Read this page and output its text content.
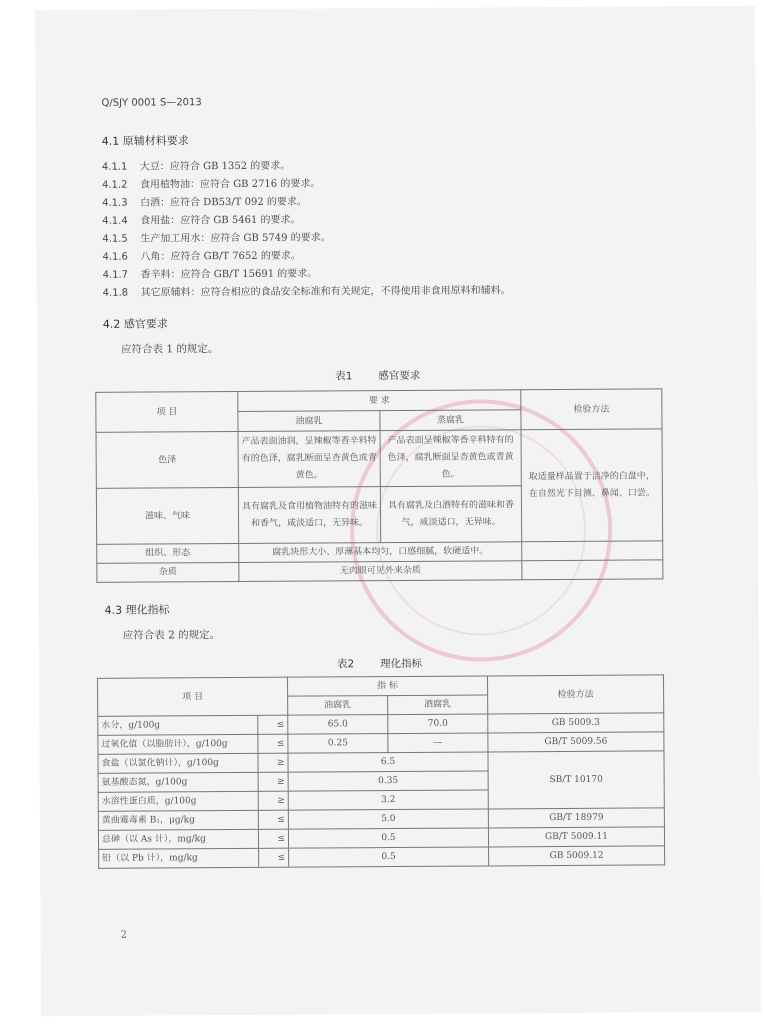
Q/SJY 0001 S—2013
4.1 原辅材料要求
4.1.1 大豆：应符合 GB 1352 的要求。
4.1.2 食用植物油：应符合 GB 2716 的要求。
4.1.3 白酒：应符合 DB53/T 092 的要求。
4.1.4 食用盐：应符合 GB 5461 的要求。
4.1.5 生产加工用水：应符合 GB 5749 的要求。
4.1.6 八角：应符合 GB/T 7652 的要求。
4.1.7 香辛料：应符合 GB/T 15691 的要求。
4.1.8 其它原辅料：应符合相应的食品安全标准和有关规定，不得使用非食用原料和辅料。
4.2 感官要求
应符合表 1 的规定。
表1 感官要求
项 目	要 求		检验方法
	油腐乳	蒸腐乳	
色泽	产品表面油润，呈辣椒等香辛料特有的色泽，腐乳断面呈杏黄色或青黄色。	产品表面呈辣椒等香辛料特有的色泽，腐乳断面呈杏黄色或青黄色。	取适量样品置于洁净的白盘中，在自然光下目测、鼻闻、口尝。
滋味、气味	具有腐乳及食用植物油特有的滋味和香气，咸淡适口，无异味。	具有腐乳及白酒特有的滋味和香气，咸淡适口，无异味。	
组织、形态	腐乳块形大小、厚薄基本均匀，口感细腻，软硬适中。		
杂质	无肉眼可见外来杂质		
4.3 理化指标
应符合表 2 的规定。
表2 理化指标
项 目		指 标		检验方法
		油腐乳	酒腐乳	
水分，g/100g	≤	65.0	70.0	GB 5009.3
过氧化值（以脂肪计），g/100g	≤	0.25	—	GB/T 5009.56
食盐（以氯化钠计），g/100g	≥	6.5		SB/T 10170
氨基酸态氮，g/100g	≥	0.35		
水溶性蛋白质，g/100g	≥	3.2		
黄曲霉毒素 B₁，μg/kg	≤	5.0		GB/T 18979
总砷（以 As 计），mg/kg	≤	0.5		GB/T 5009.11
铅（以 Pb 计），mg/kg	≤	0.5		GB 5009.12
2
